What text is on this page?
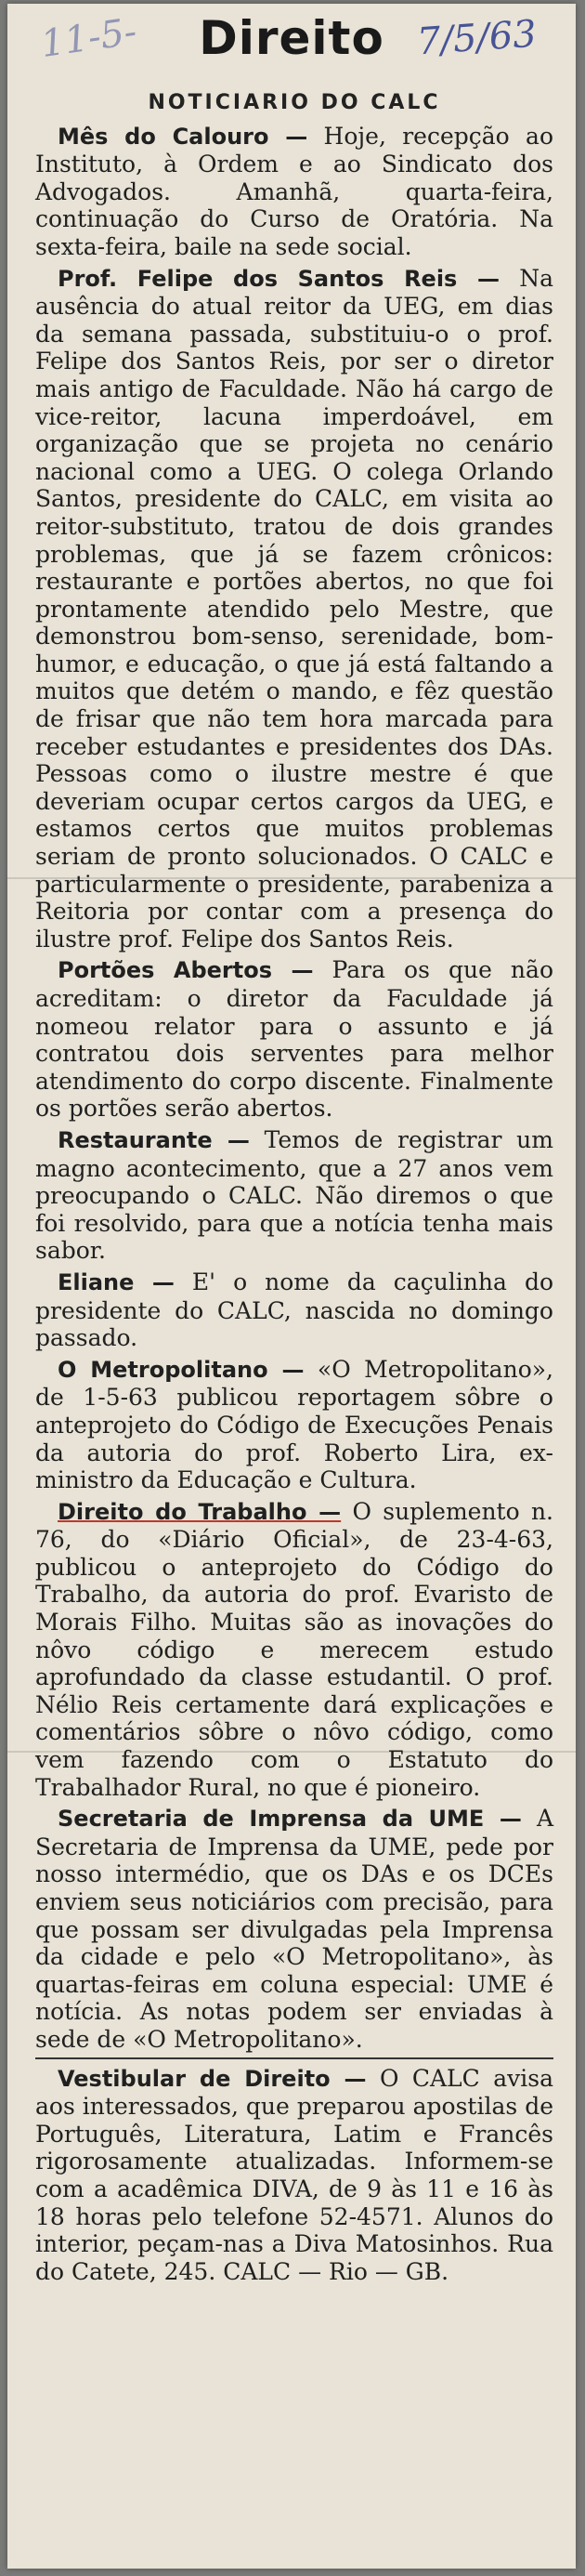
11-5-	Direito 7/5/63
NOTICIARIO DO CALC

Mês do Calouro — Hoje, recepção ao Instituto, à Ordem e ao Sindicato dos Advogados. Amanhã, quarta-feira, continuação do Curso de Oratória. Na sexta-feira, baile na sede social.

Prof. Felipe dos Santos Reis — Na ausência do atual reitor da UEG, em dias da semana passada, substituiu-o o prof. Felipe dos Santos Reis, por ser o diretor mais antigo de Faculdade. Não há cargo de vice-reitor, lacuna imperdoável, em organização que se projeta no cenário nacional como a UEG. O colega Orlando Santos, presidente do CALC, em visita ao reitor-substituto, tratou de dois grandes problemas, que já se fazem crônicos: restaurante e portões abertos, no que foi prontamente atendido pelo Mestre, que demonstrou bom-senso, serenidade, bom-humor, e educação, o que já está faltando a muitos que detém o mando, e fêz questão de frisar que não tem hora marcada para receber estudantes e presidentes dos DAs. Pessoas como o ilustre mestre é que deveriam ocupar certos cargos da UEG, e estamos certos que muitos problemas seriam de pronto solucionados. O CALC e particularmente o presidente, parabeniza a Reitoria por contar com a presença do ilustre prof. Felipe dos Santos Reis.

Portões Abertos — Para os que não acreditam: o diretor da Faculdade já nomeou relator para o assunto e já contratou dois serventes para melhor atendimento do corpo discente. Finalmente os portões serão abertos.

Restaurante — Temos de registrar um magno acontecimento, que a 27 anos vem preocupando o CALC. Não diremos o que foi resolvido, para que a notícia tenha mais sabor.

Eliane — E' o nome da caçulinha do presidente do CALC, nascida no domingo passado.

O Metropolitano — «O Metropolitano», de 1-5-63 publicou reportagem sôbre o anteprojeto do Código de Execuções Penais da autoria do prof. Roberto Lira, ex-ministro da Educação e Cultura.

Direito do Trabalho — O suplemento n. 76, do «Diário Oficial», de 23-4-63, publicou o anteprojeto do Código do Trabalho, da autoria do prof. Evaristo de Morais Filho. Muitas são as inovações do nôvo código e merecem estudo aprofundado da classe estudantil. O prof. Nélio Reis certamente dará explicações e comentários sôbre o nôvo código, como vem fazendo com o Estatuto do Trabalhador Rural, no que é pioneiro.

Secretaria de Imprensa da UME — A Secretaria de Imprensa da UME, pede por nosso intermédio, que os DAs e os DCEs enviem seus noticiários com precisão, para que possam ser divulgadas pela Imprensa da cidade e pelo «O Metropolitano», às quartas-feiras em coluna especial: UME é notícia. As notas podem ser enviadas à sede de «O Metropolitano».

Vestibular de Direito — O CALC avisa aos interessados, que preparou apostilas de Português, Literatura, Latim e Francês rigorosamente atualizadas. Informem-se com a acadêmica DIVA, de 9 às 11 e 16 às 18 horas pelo telefone 52-4571. Alunos do interior, peçam-nas a Diva Matosinhos. Rua do Catete, 245. CALC — Rio — GB.
